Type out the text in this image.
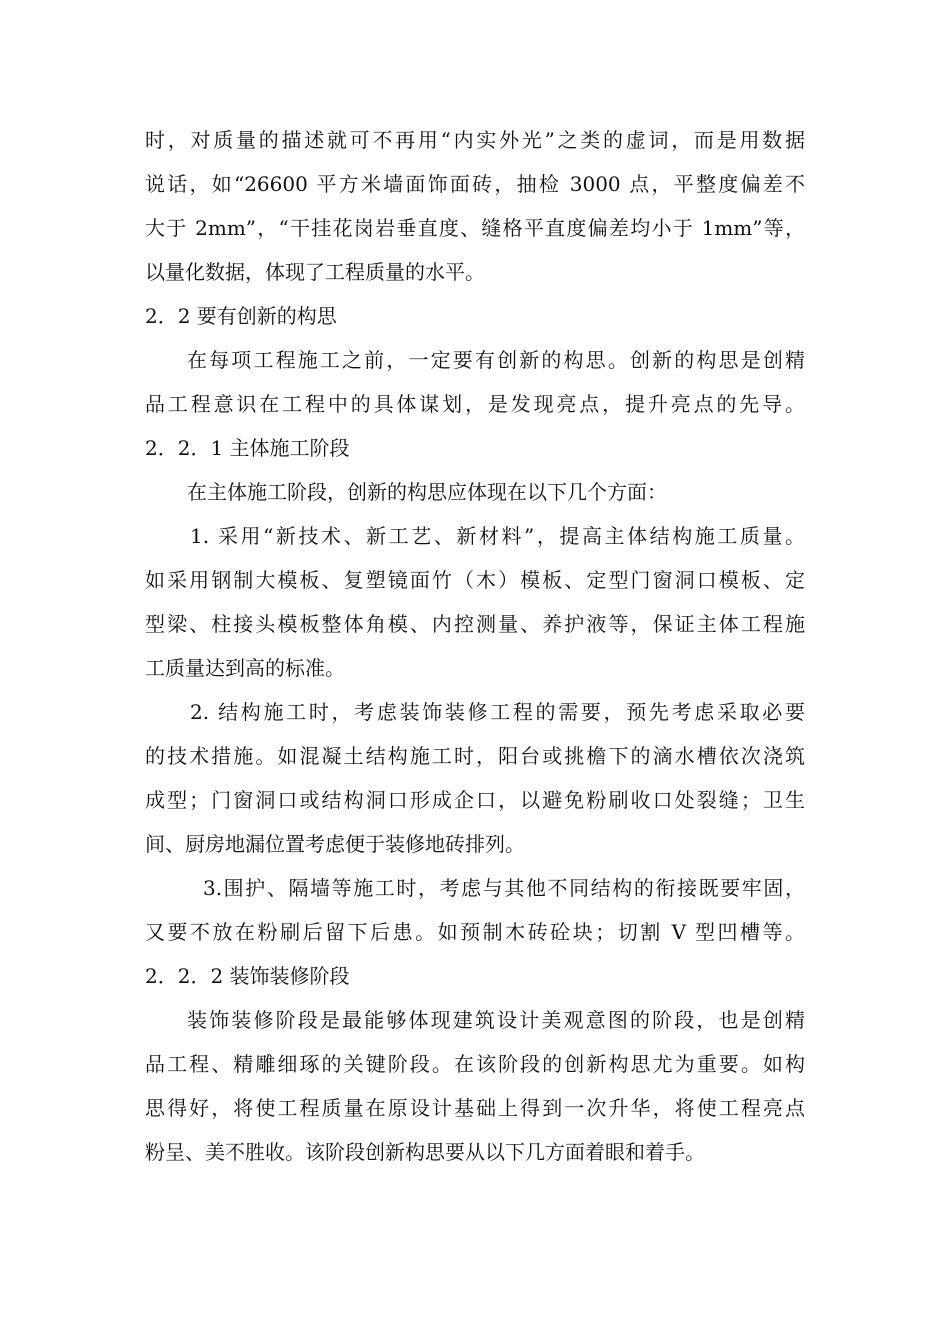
时，对质量的描述就可不再用“内实外光”之类的虚词，而是用数据
说话，如“26600 平方米墙面饰面砖，抽检 3000 点，平整度偏差不
大于 2mm”，“干挂花岗岩垂直度、缝格平直度偏差均小于 1mm”等，
以量化数据，体现了工程质量的水平。
2．2 要有创新的构思
在每项工程施工之前，一定要有创新的构思。创新的构思是创精
品工程意识在工程中的具体谋划，是发现亮点，提升亮点的先导。
2．2．1 主体施工阶段
在主体施工阶段，创新的构思应体现在以下几个方面：
1. 采用“新技术、新工艺、新材料”，提高主体结构施工质量。
如采用钢制大模板、复塑镜面竹（木）模板、定型门窗洞口模板、定
型梁、柱接头模板整体角模、内控测量、养护液等，保证主体工程施
工质量达到高的标准。
2. 结构施工时，考虑装饰装修工程的需要，预先考虑采取必要
的技术措施。如混凝土结构施工时，阳台或挑檐下的滴水槽依次浇筑
成型；门窗洞口或结构洞口形成企口，以避免粉刷收口处裂缝；卫生
间、厨房地漏位置考虑便于装修地砖排列。
3.围护、隔墙等施工时，考虑与其他不同结构的衔接既要牢固，
又要不放在粉刷后留下后患。如预制木砖砼块；切割 V 型凹槽等。
2．2．2 装饰装修阶段
装饰装修阶段是最能够体现建筑设计美观意图的阶段，也是创精
品工程、精雕细琢的关键阶段。在该阶段的创新构思尤为重要。如构
思得好，将使工程质量在原设计基础上得到一次升华，将使工程亮点
粉呈、美不胜收。该阶段创新构思要从以下几方面着眼和着手。
